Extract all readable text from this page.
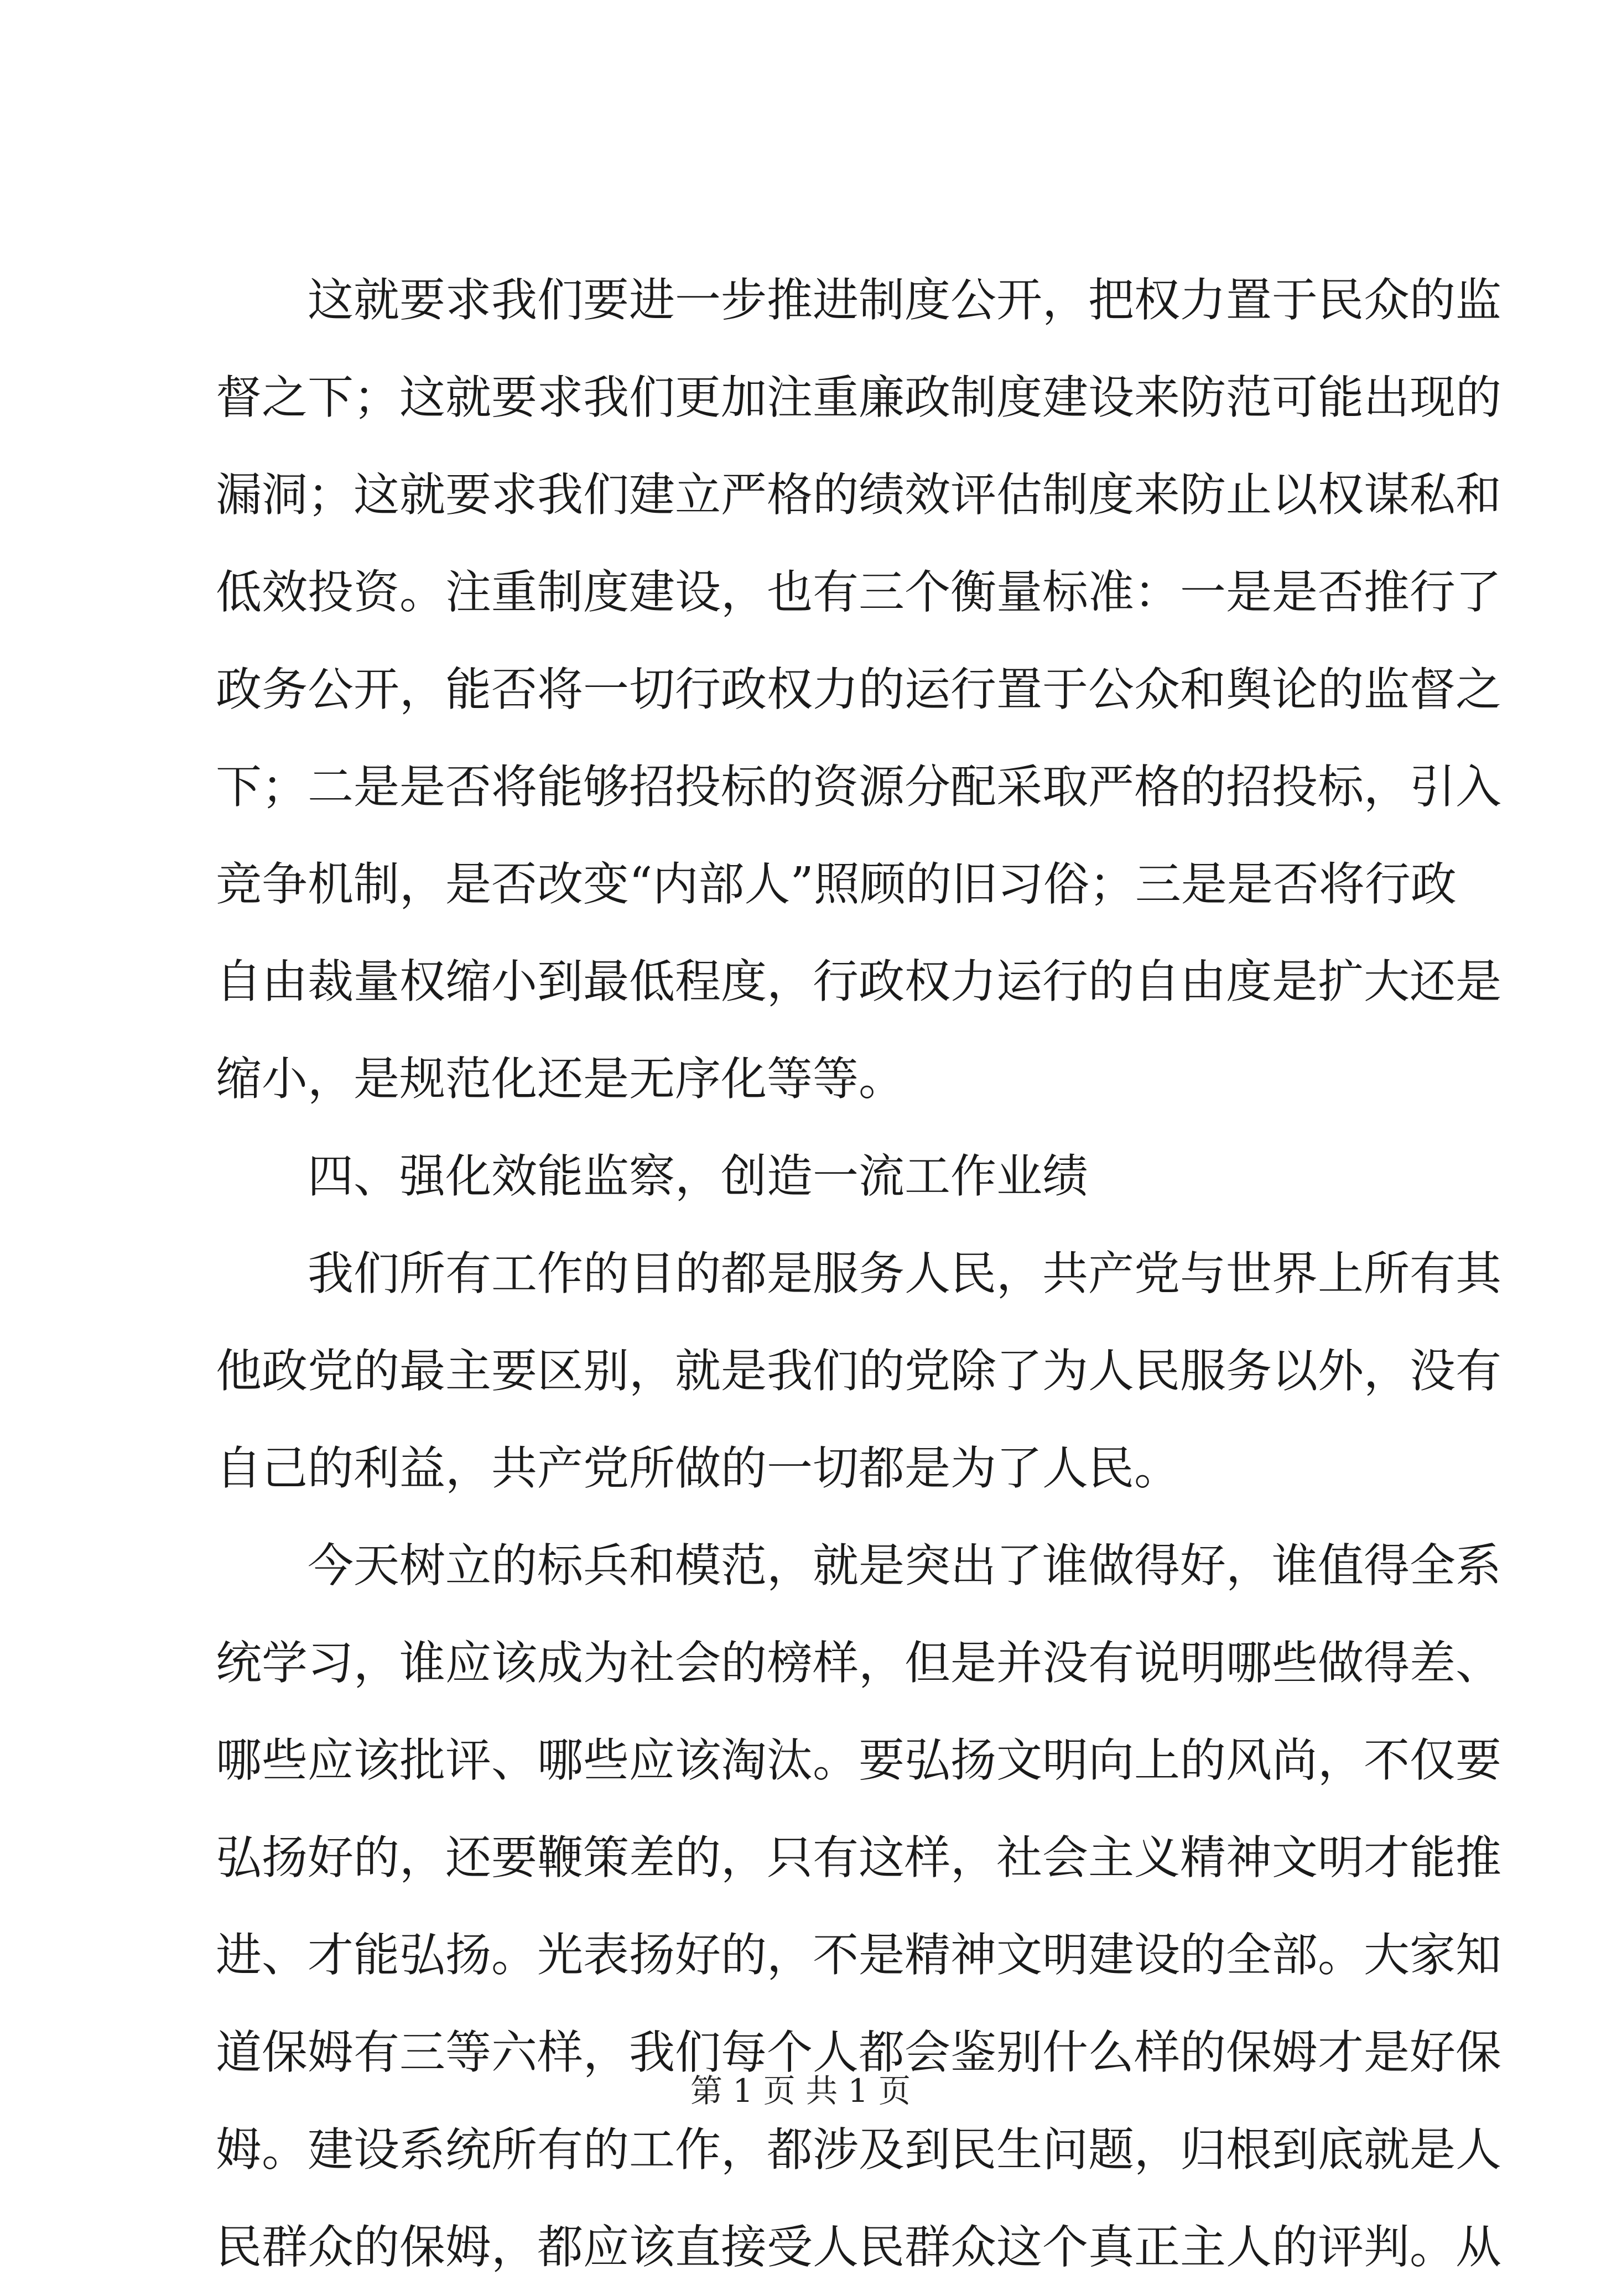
这就要求我们要进一步推进制度公开，把权力置于民众的监
督之下；这就要求我们更加注重廉政制度建设来防范可能出现的
漏洞；这就要求我们建立严格的绩效评估制度来防止以权谋私和
低效投资。注重制度建设，也有三个衡量标准：一是是否推行了
政务公开，能否将一切行政权力的运行置于公众和舆论的监督之
下；二是是否将能够招投标的资源分配采取严格的招投标，引入
竞争机制，是否改变“内部人”照顾的旧习俗；三是是否将行政
自由裁量权缩小到最低程度，行政权力运行的自由度是扩大还是
缩小，是规范化还是无序化等等。
四、强化效能监察，创造一流工作业绩
我们所有工作的目的都是服务人民，共产党与世界上所有其
他政党的最主要区别，就是我们的党除了为人民服务以外，没有
自己的利益，共产党所做的一切都是为了人民。
今天树立的标兵和模范，就是突出了谁做得好，谁值得全系
统学习，谁应该成为社会的榜样，但是并没有说明哪些做得差、
哪些应该批评、哪些应该淘汰。要弘扬文明向上的风尚，不仅要
弘扬好的，还要鞭策差的，只有这样，社会主义精神文明才能推
进、才能弘扬。光表扬好的，不是精神文明建设的全部。大家知
道保姆有三等六样，我们每个人都会鉴别什么样的保姆才是好保
姆。建设系统所有的工作，都涉及到民生问题，归根到底就是人
民群众的保姆，都应该直接受人民群众这个真正主人的评判。从
第 1 页 共 1 页
